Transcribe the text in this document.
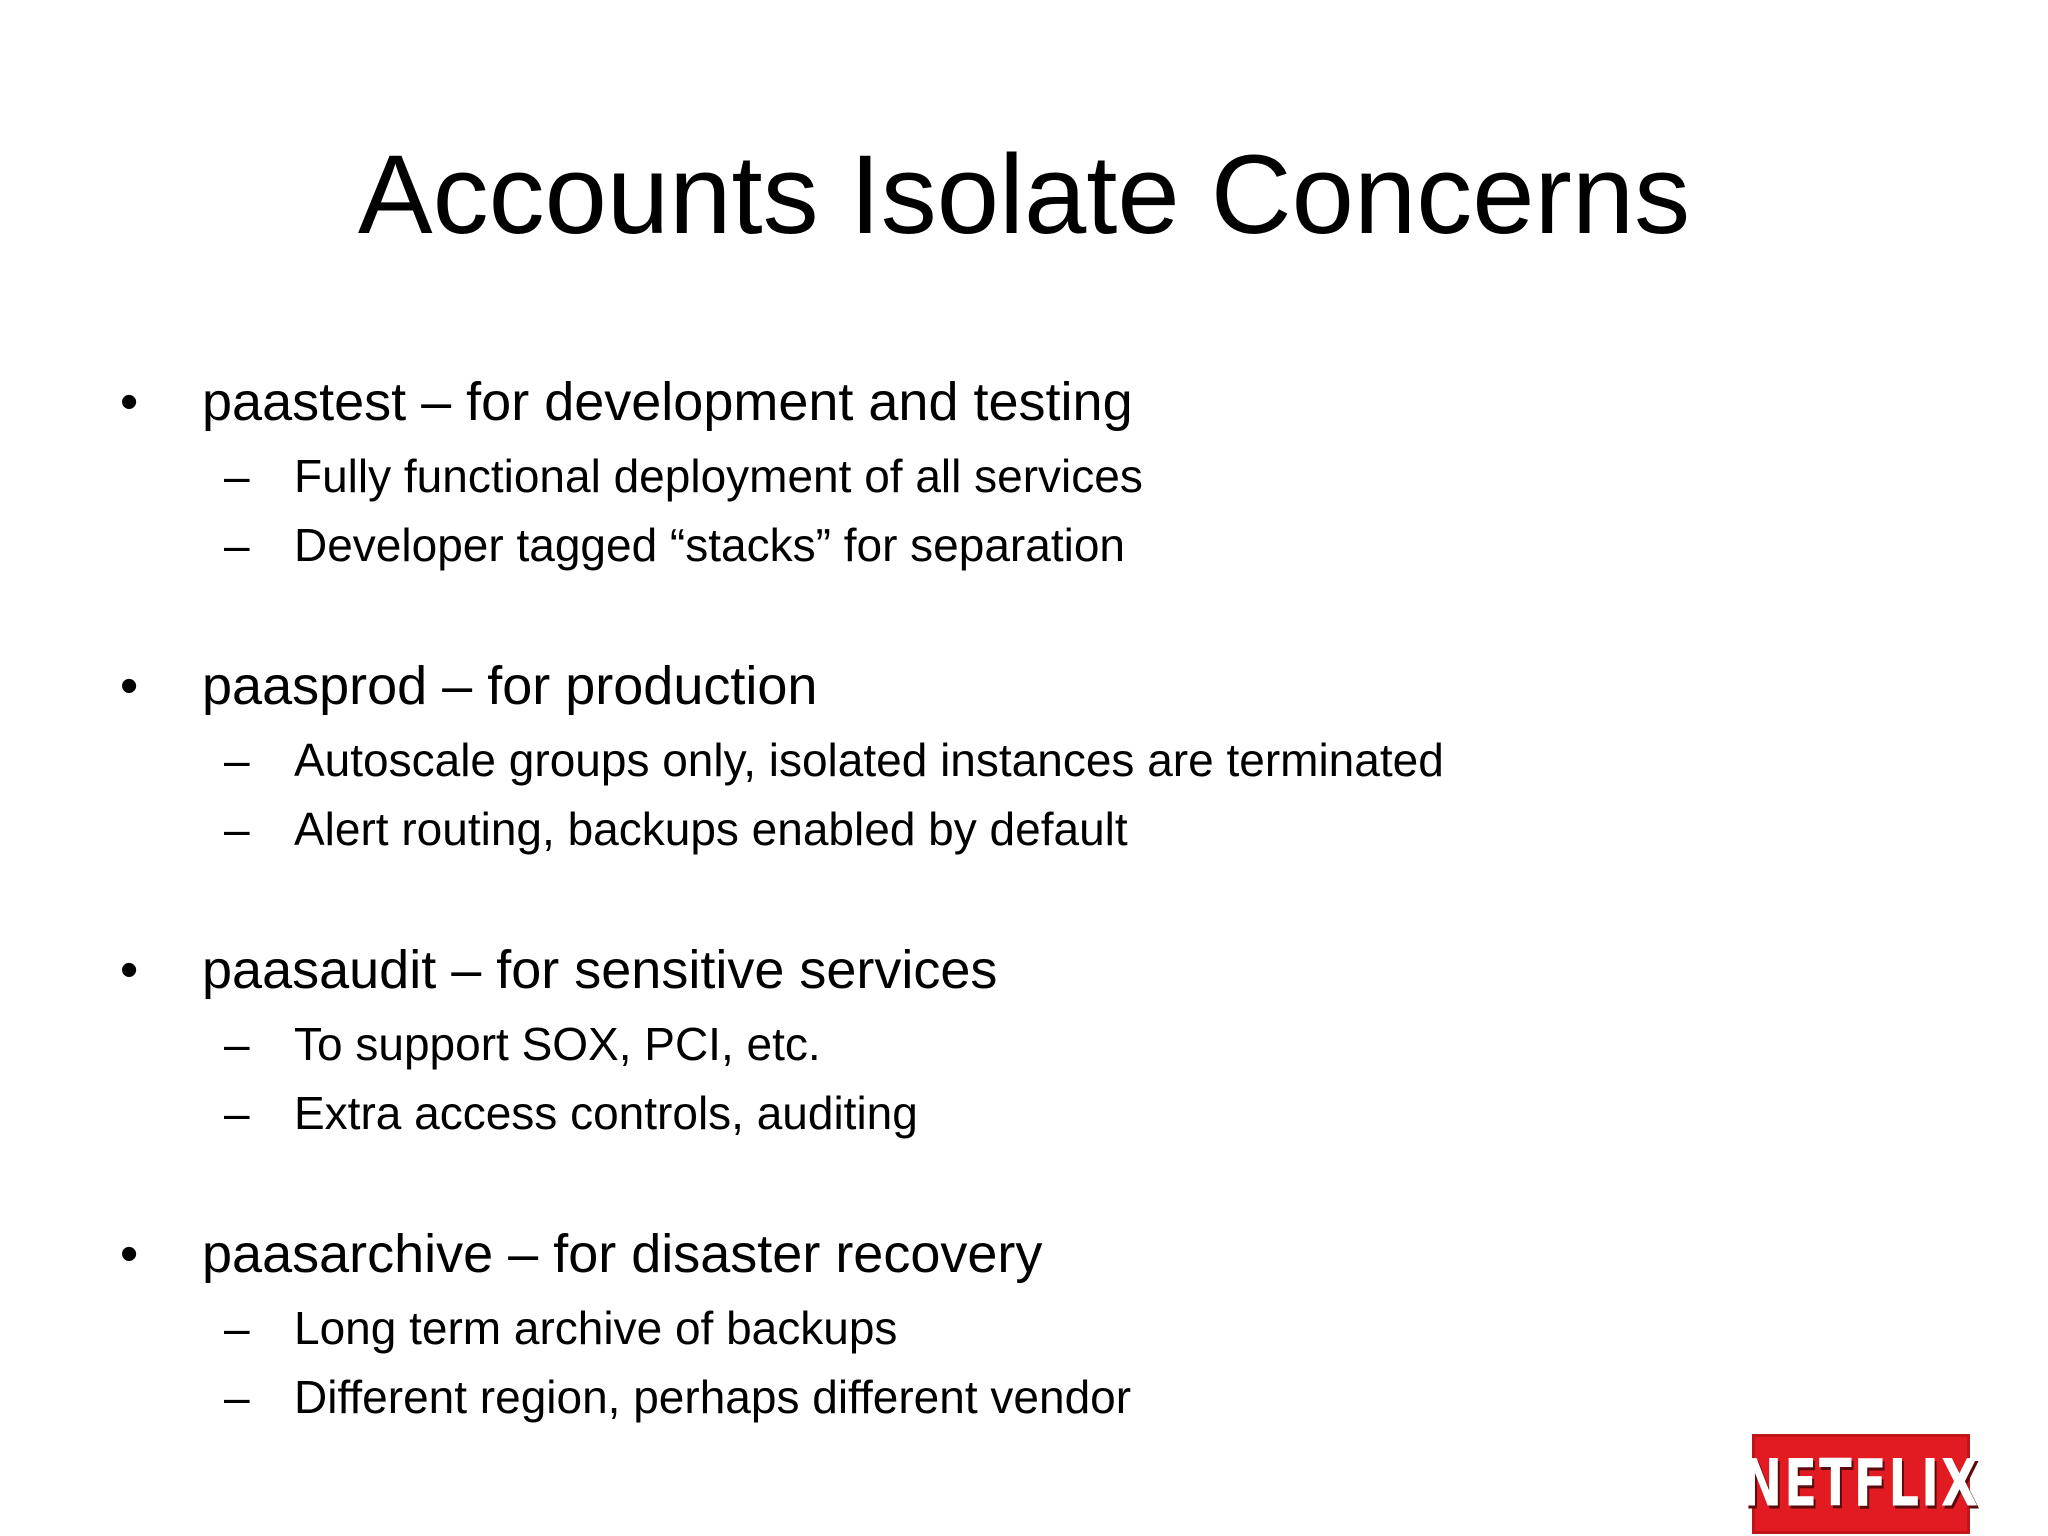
Accounts Isolate Concerns
• paastest – for development and testing
– Fully functional deployment of all services
– Developer tagged “stacks” for separation
• paasprod – for production
– Autoscale groups only, isolated instances are terminated
– Alert routing, backups enabled by default
• paasaudit – for sensitive services
– To support SOX, PCI, etc.
– Extra access controls, auditing
• paasarchive – for disaster recovery
– Long term archive of backups
– Different region, perhaps different vendor
NETFLIX
